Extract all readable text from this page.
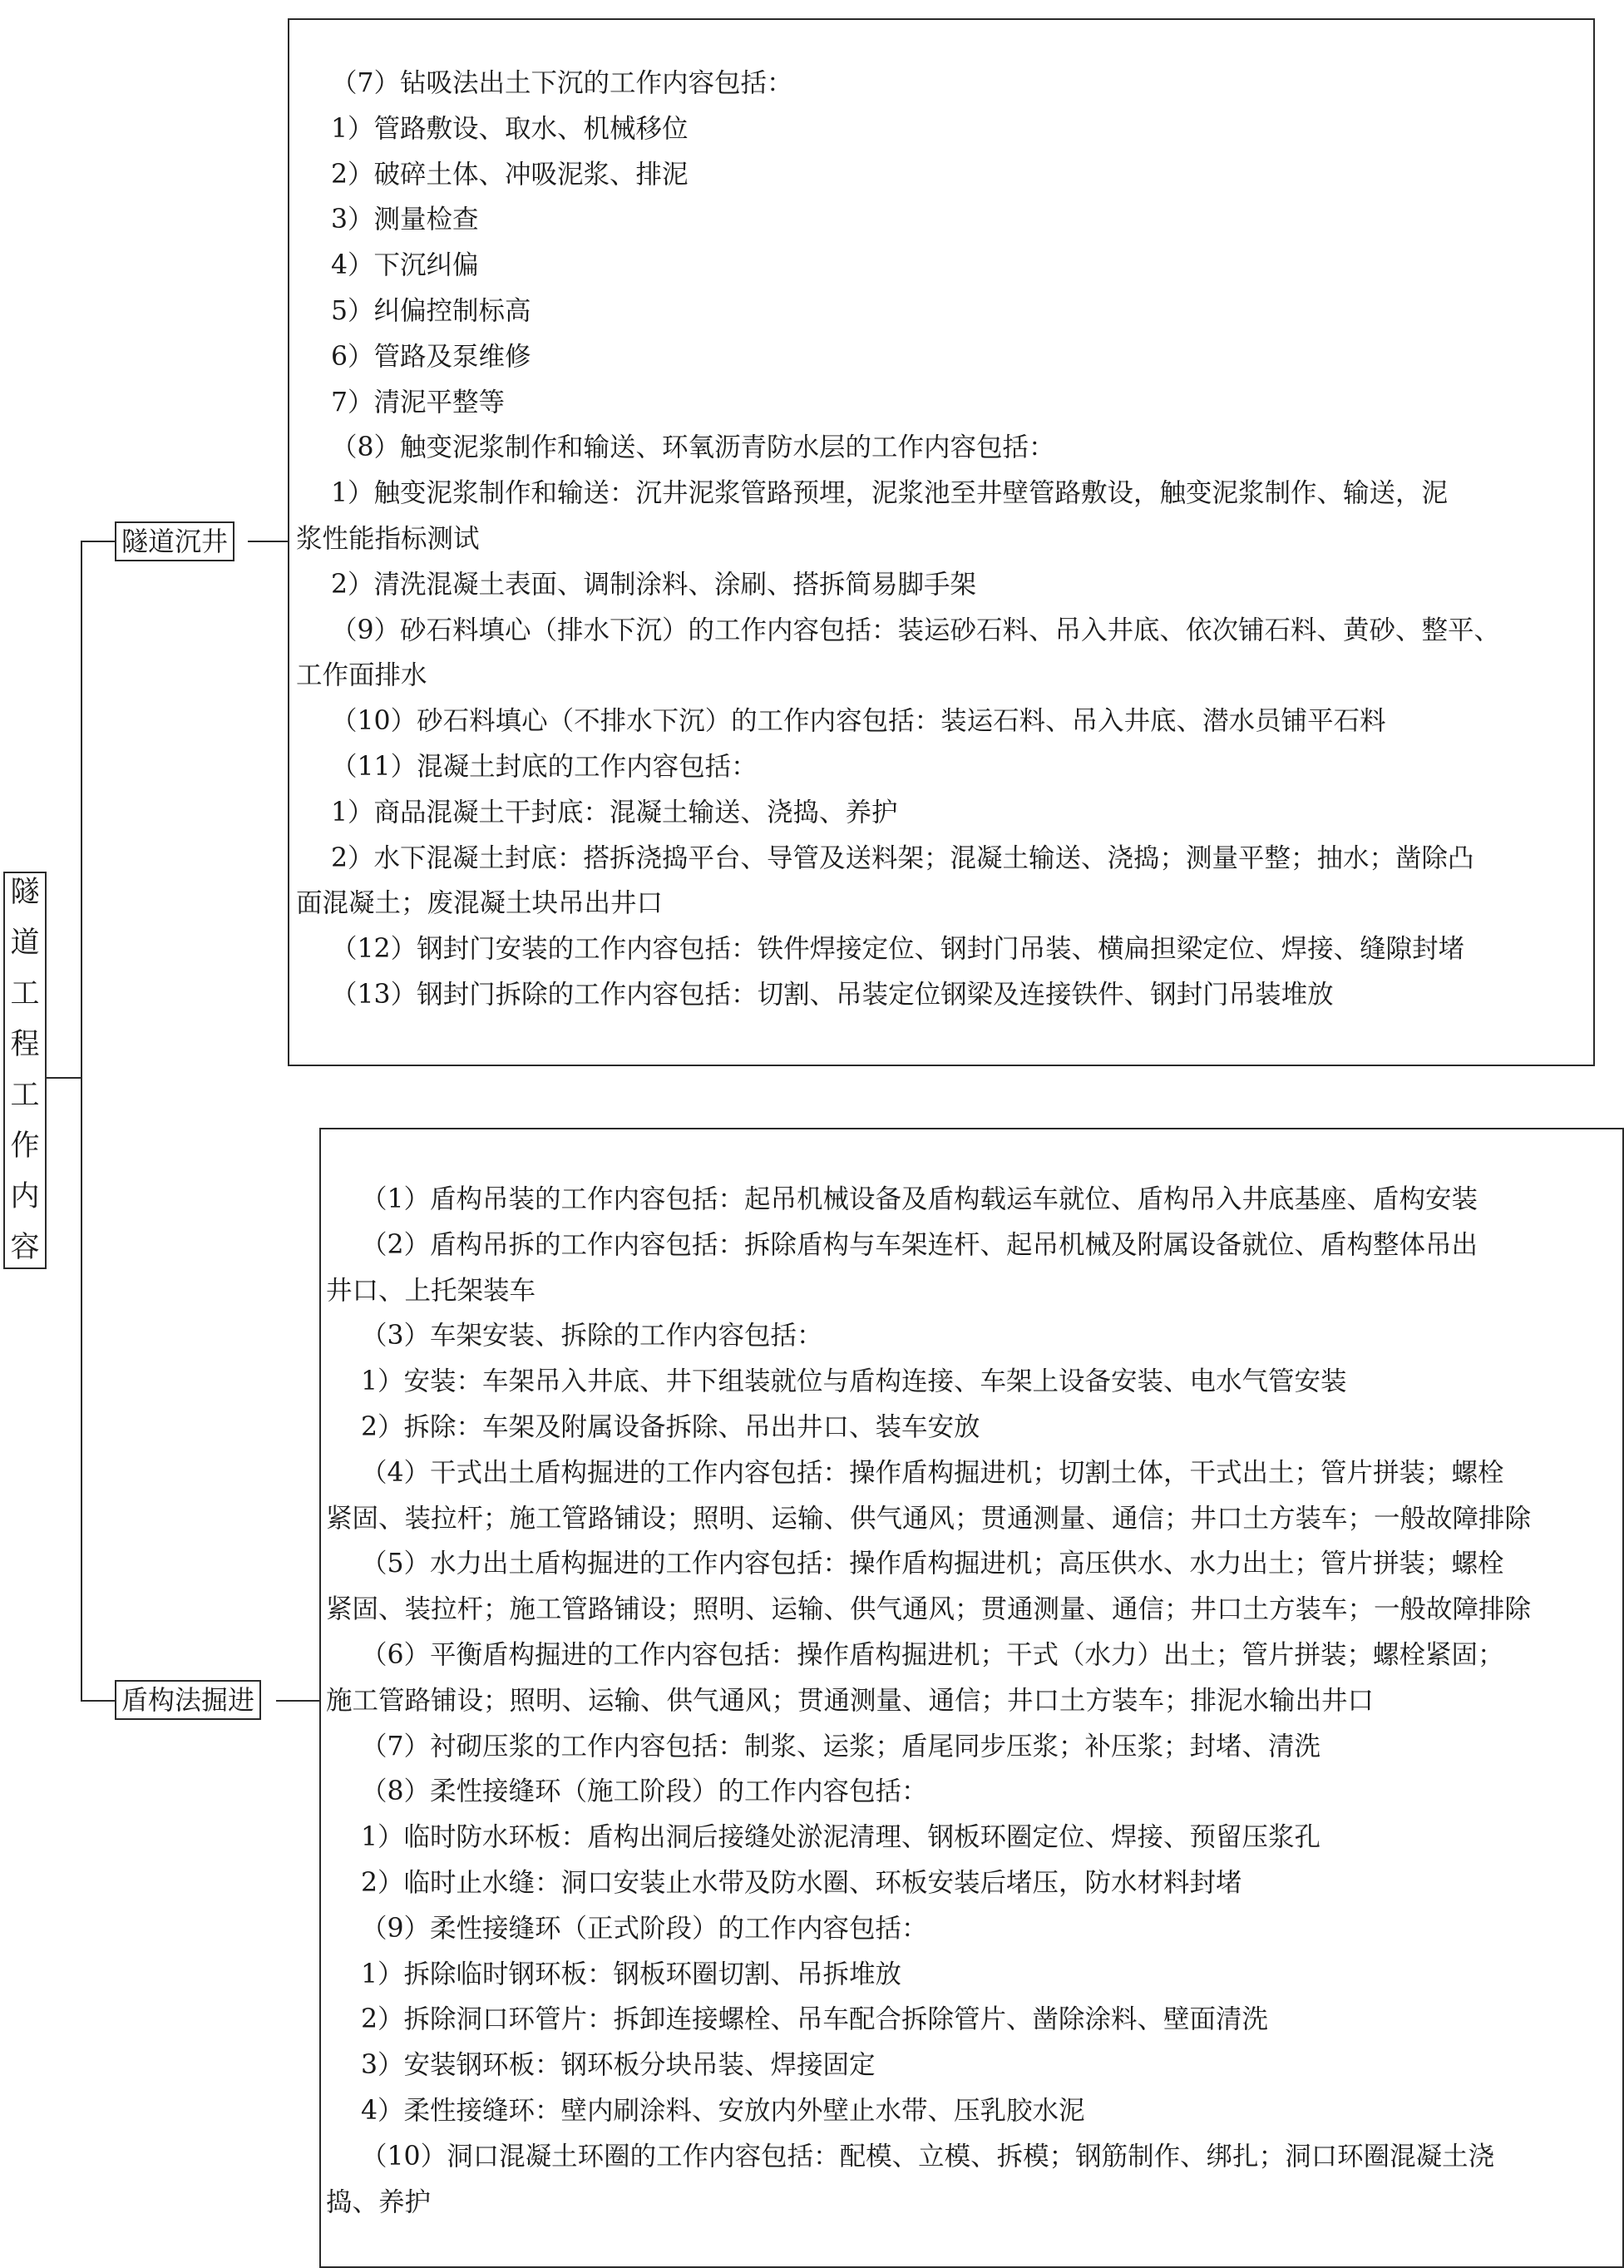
隧
道
工
程
工
作
内
容
隧道沉井
盾构法掘进
（7）钻吸法出土下沉的工作内容包括：
1）管路敷设、取水、机械移位
2）破碎土体、冲吸泥浆、排泥
3）测量检查
4）下沉纠偏
5）纠偏控制标高
6）管路及泵维修
7）清泥平整等
（8）触变泥浆制作和输送、环氧沥青防水层的工作内容包括：
1）触变泥浆制作和输送：沉井泥浆管路预埋，泥浆池至井壁管路敷设，触变泥浆制作、输送，泥
浆性能指标测试
2）清洗混凝土表面、调制涂料、涂刷、搭拆简易脚手架
（9）砂石料填心（排水下沉）的工作内容包括：装运砂石料、吊入井底、依次铺石料、黄砂、整平、
工作面排水
（10）砂石料填心（不排水下沉）的工作内容包括：装运石料、吊入井底、潜水员铺平石料
（11）混凝土封底的工作内容包括：
1）商品混凝土干封底：混凝土输送、浇捣、养护
2）水下混凝土封底：搭拆浇捣平台、导管及送料架；混凝土输送、浇捣；测量平整；抽水；凿除凸
面混凝土；废混凝土块吊出井口
（12）钢封门安装的工作内容包括：铁件焊接定位、钢封门吊装、横扁担梁定位、焊接、缝隙封堵
（13）钢封门拆除的工作内容包括：切割、吊装定位钢梁及连接铁件、钢封门吊装堆放
（1）盾构吊装的工作内容包括：起吊机械设备及盾构载运车就位、盾构吊入井底基座、盾构安装
（2）盾构吊拆的工作内容包括：拆除盾构与车架连杆、起吊机械及附属设备就位、盾构整体吊出
井口、上托架装车
（3）车架安装、拆除的工作内容包括：
1）安装：车架吊入井底、井下组装就位与盾构连接、车架上设备安装、电水气管安装
2）拆除：车架及附属设备拆除、吊出井口、装车安放
（4）干式出土盾构掘进的工作内容包括：操作盾构掘进机；切割土体，干式出土；管片拼装；螺栓
紧固、装拉杆；施工管路铺设；照明、运输、供气通风；贯通测量、通信；井口土方装车；一般故障排除
（5）水力出土盾构掘进的工作内容包括：操作盾构掘进机；高压供水、水力出土；管片拼装；螺栓
紧固、装拉杆；施工管路铺设；照明、运输、供气通风；贯通测量、通信；井口土方装车；一般故障排除
（6）平衡盾构掘进的工作内容包括：操作盾构掘进机；干式（水力）出土；管片拼装；螺栓紧固；
施工管路铺设；照明、运输、供气通风；贯通测量、通信；井口土方装车；排泥水输出井口
（7）衬砌压浆的工作内容包括：制浆、运浆；盾尾同步压浆；补压浆；封堵、清洗
（8）柔性接缝环（施工阶段）的工作内容包括：
1）临时防水环板：盾构出洞后接缝处淤泥清理、钢板环圈定位、焊接、预留压浆孔
2）临时止水缝：洞口安装止水带及防水圈、环板安装后堵压，防水材料封堵
（9）柔性接缝环（正式阶段）的工作内容包括：
1）拆除临时钢环板：钢板环圈切割、吊拆堆放
2）拆除洞口环管片：拆卸连接螺栓、吊车配合拆除管片、凿除涂料、壁面清洗
3）安装钢环板：钢环板分块吊装、焊接固定
4）柔性接缝环：壁内刷涂料、安放内外壁止水带、压乳胶水泥
（10）洞口混凝土环圈的工作内容包括：配模、立模、拆模；钢筋制作、绑扎；洞口环圈混凝土浇
捣、养护
